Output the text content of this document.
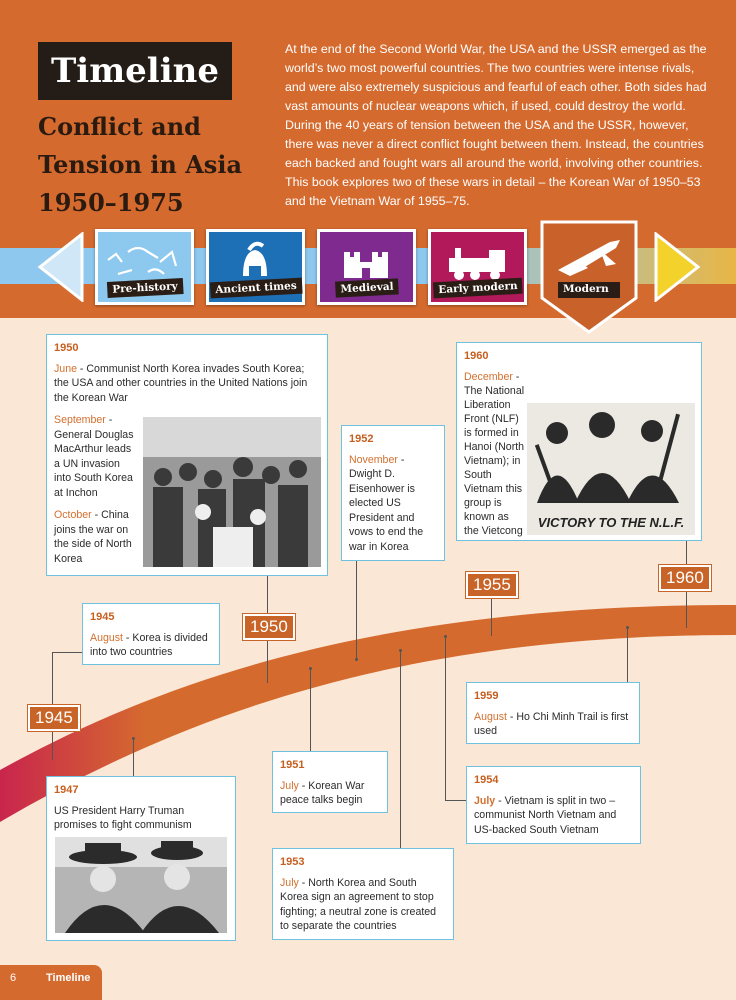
Timeline
Conflict and
Tension in Asia
1950–1975
At the end of the Second World War, the USA and the USSR emerged as the world’s two most powerful countries. The two countries were intense rivals, and were also extremely suspicious and fearful of each other. Both sides had vast amounts of nuclear weapons which, if used, could destroy the world. During the 40 years of tension between the USA and the USSR, however, there was never a direct conflict fought between them. Instead, the countries each backed and fought wars all around the world, involving other countries. This book explores two of these wars in detail – the Korean War of 1950–53 and the Vietnam War of 1955–75.
Pre-history	Ancient times	Medieval	Early modern	Modern
1945
1950
1955	1960
1950
June - Communist North Korea invades South Korea; the USA and other countries in the United Nations join the Korean War
September - General Douglas MacArthur leads a UN invasion into South Korea at Inchon
October - China joins the war on the side of North Korea
1952
November - Dwight D. Eisenhower is elected US President and vows to end the war in Korea
1960
December - The National Liberation Front (NLF) is formed in Hanoi (North Vietnam); in South Vietnam this group is known as the Vietcong
VICTORY TO THE N.L.F.
1945
August - Korea is divided into two countries
1959
August - Ho Chi Minh Trail is first used
1951
July - Korean War peace talks begin
1954
July - Vietnam is split in two – communist North Vietnam and US-backed South Vietnam
1947
US President Harry Truman promises to fight communism
1953
July - North Korea and South Korea sign an agreement to stop fighting; a neutral zone is created to separate the countries
6	Timeline
